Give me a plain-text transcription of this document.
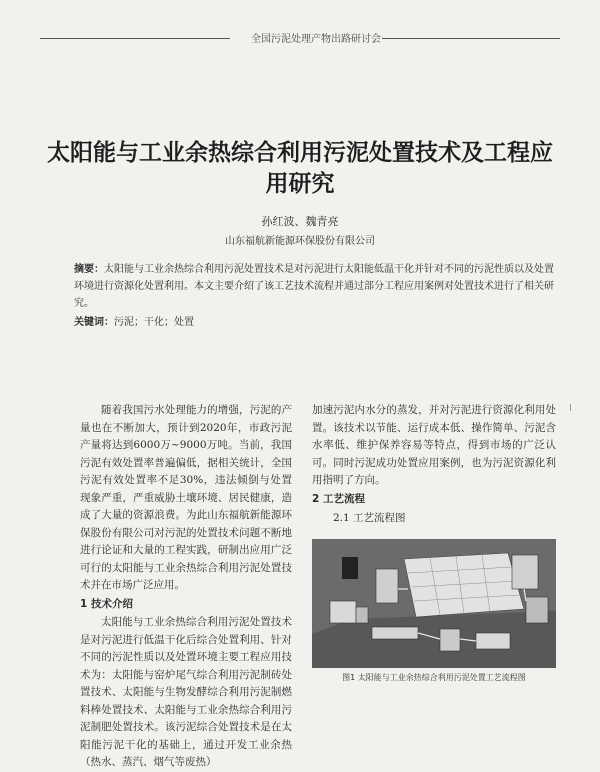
全国污泥处理产物出路研讨会
太阳能与工业余热综合利用污泥处置技术及工程应用研究
孙红波、魏青亮
山东福航新能源环保股份有限公司
摘要：太阳能与工业余热综合利用污泥处置技术是对污泥进行太阳能低温干化并针对不同的污泥性质以及处置环境进行资源化处置利用。本文主要介绍了该工艺技术流程并通过部分工程应用案例对处置技术进行了相关研究。
关键词：污泥；干化；处置

随着我国污水处理能力的增强，污泥的产量也在不断加大，预计到2020年，市政污泥产量将达到6000万~9000万吨。当前，我国污泥有效处置率普遍偏低，据相关统计，全国污泥有效处置率不足30%，违法倾倒与处置现象严重，严重威胁土壤环境、居民健康，造成了大量的资源浪费。为此山东福航新能源环保股份有限公司对污泥的处置技术问题不断地进行论证和大量的工程实践，研制出应用广泛可行的太阳能与工业余热综合利用污泥处置技术并在市场广泛应用。

1 技术介绍

太阳能与工业余热综合利用污泥处置技术是对污泥进行低温干化后综合处置利用、针对不同的污泥性质以及处置环境主要工程应用技术为：太阳能与窑炉尾气综合利用污泥制砖处置技术、太阳能与生物发酵综合利用污泥制燃料棒处置技术、太阳能与工业余热综合利用污泥制肥处置技术。该污泥综合处置技术是在太阳能污泥干化的基础上，通过开发工业余热（热水、蒸汽、烟气等废热）

加速污泥内水分的蒸发，并对污泥进行资源化利用处置。该技术以节能、运行成本低、操作简单、污泥含水率低、维护保养容易等特点，得到市场的广泛认可。同时污泥成功处置应用案例，也为污泥资源化利用指明了方向。

2 工艺流程
2.1 工艺流程图
图1 太阳能与工业余热综合利用污泥处置工艺流程图
